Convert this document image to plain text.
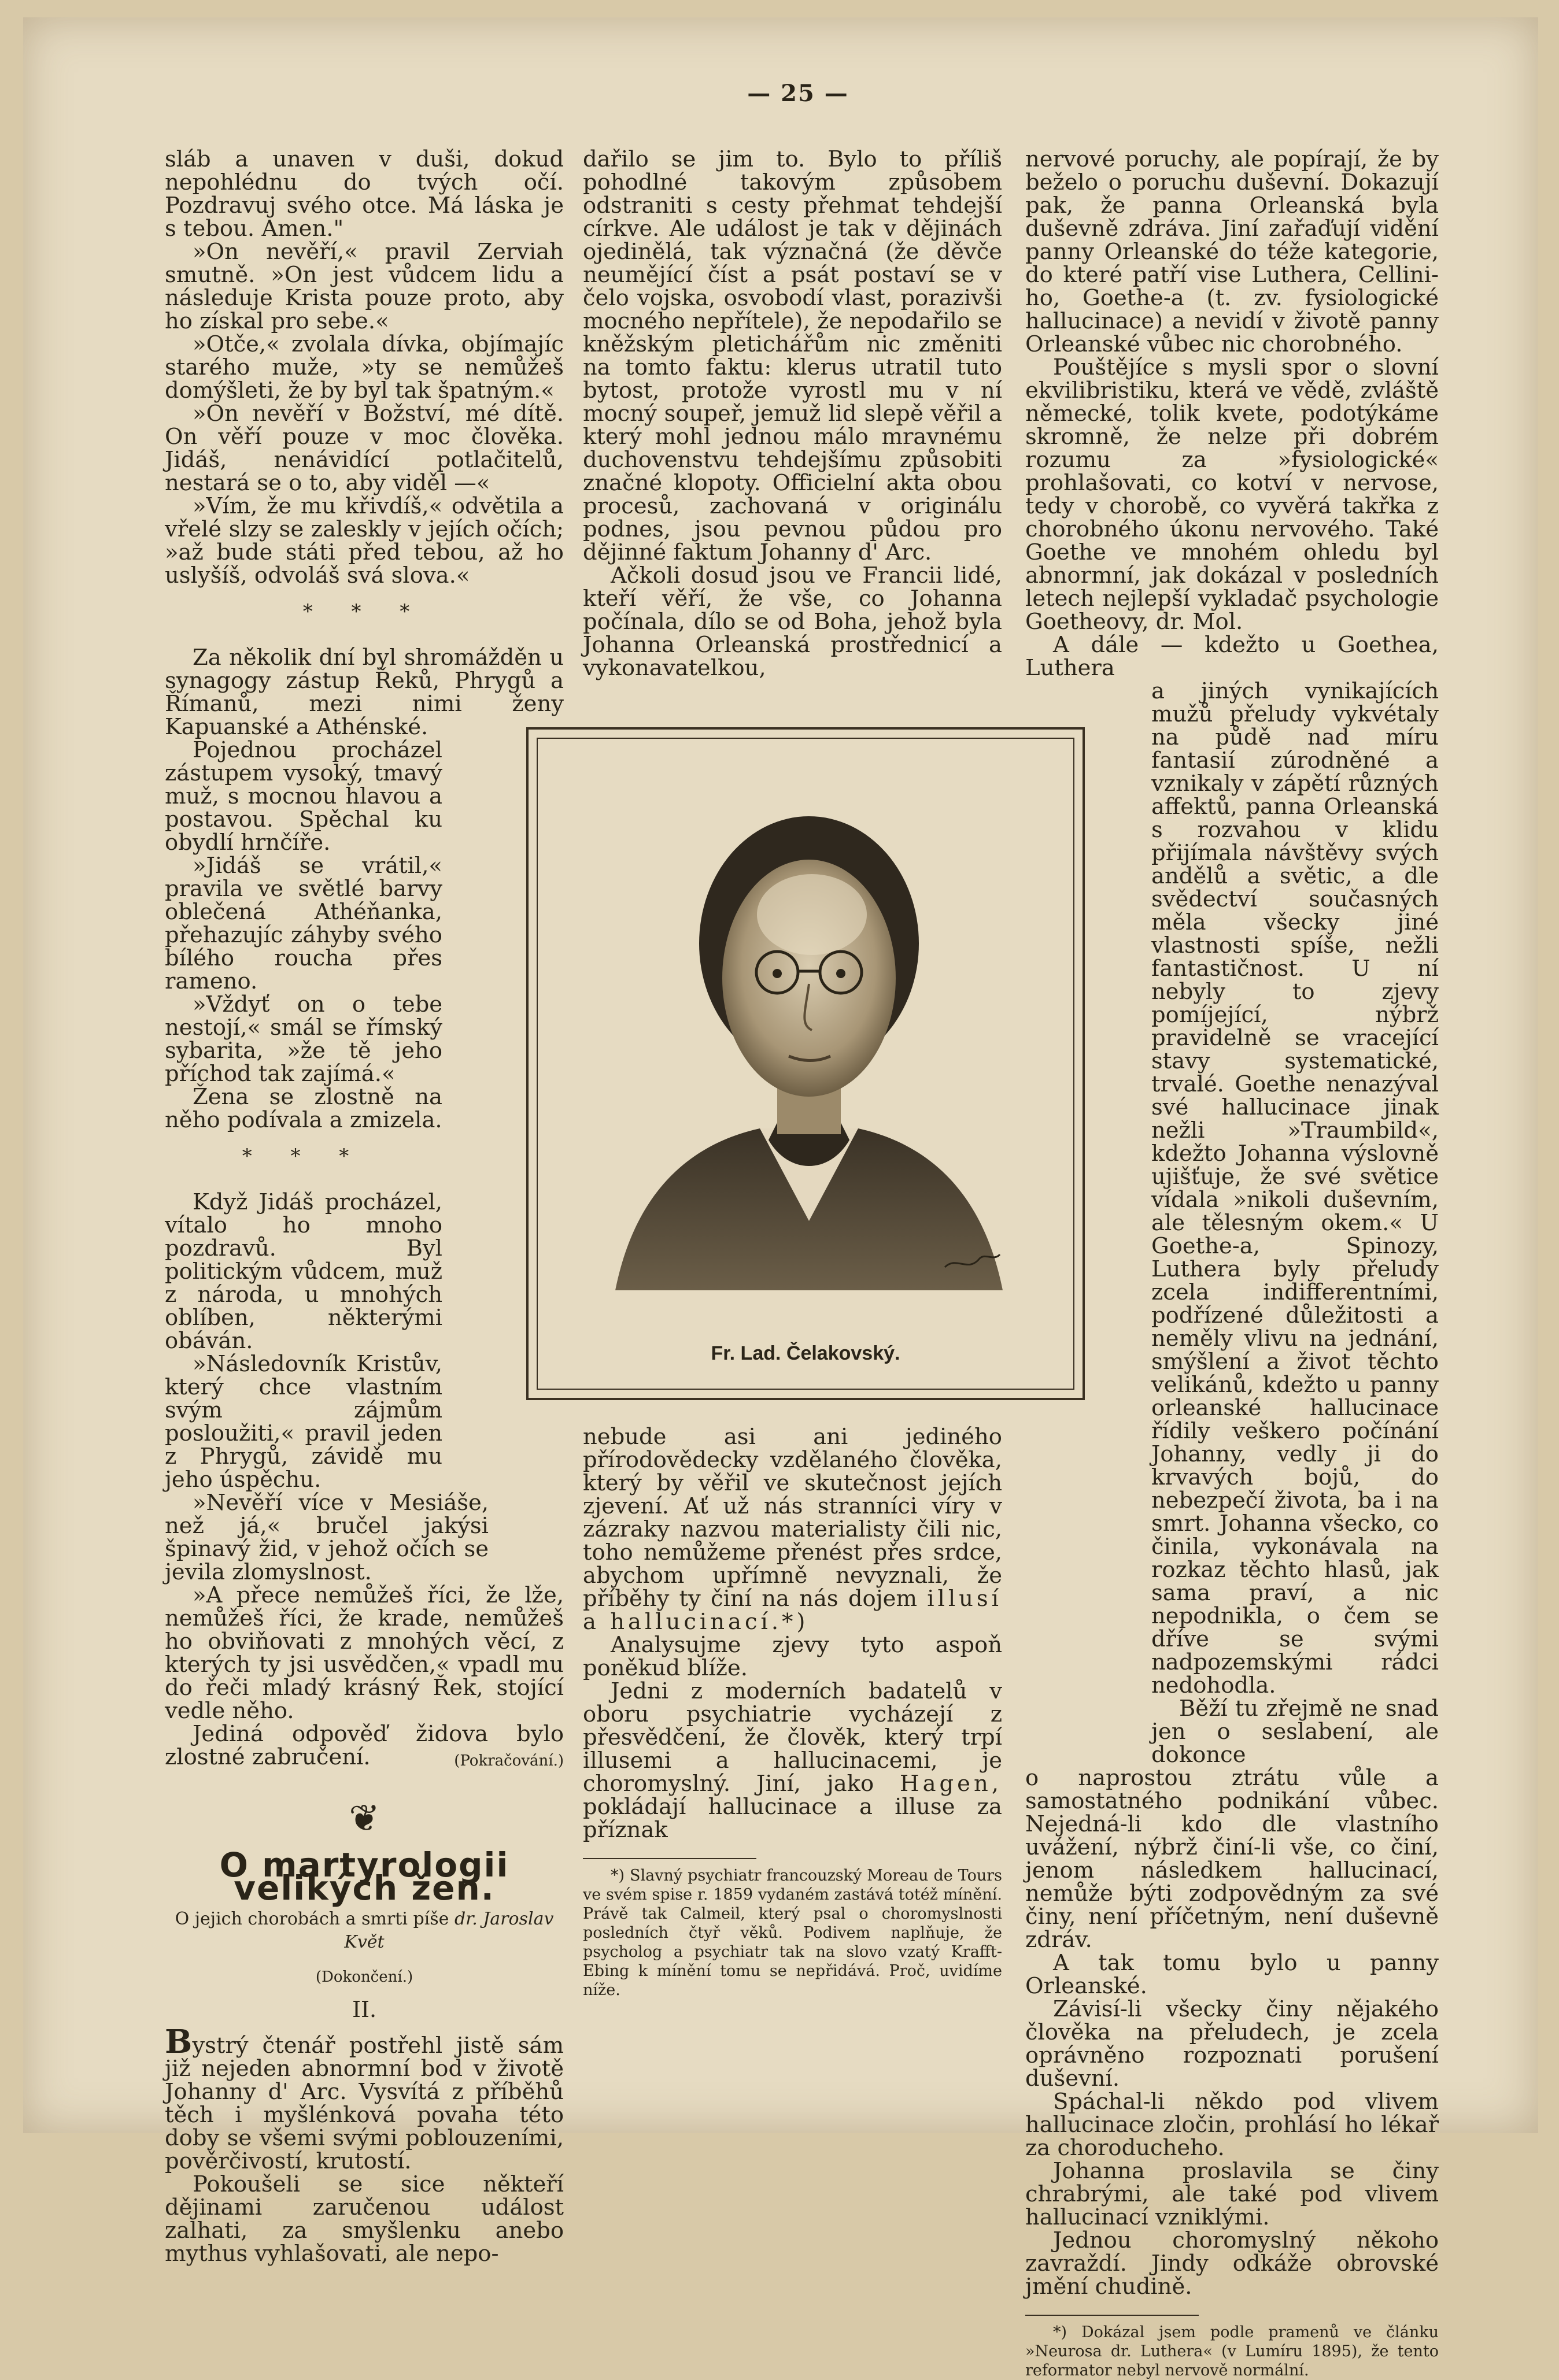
— 25 —

sláb a unaven v duši, dokud nepohlédnu do tvých očí. Pozdravuj svého otce. Má láska je s tebou. Amen."

»On nevěří,« pravil Zerviah smutně. »On jest vůdcem lidu a následuje Krista pouze proto, aby ho získal pro sebe.«

»Otče,« zvolala dívka, objímajíc starého muže, »ty se nemůžeš domýšleti, že by byl tak špatným.«

»On nevěří v Božství, mé dítě. On věří pouze v moc člověka. Jidáš, nenávidící potlačitelů, nestará se o to, aby viděl —«

»Vím, že mu křivdíš,« odvětila a vřelé slzy se zaleskly v jejích očích; »až bude státi před tebou, až ho uslyšíš, odvoláš svá slova.«

* * *

Za několik dní byl shromážděn u synagogy zástup Řeků, Phrygů a Římanů, mezi nimi ženy Kapuanské a Athénské.

Pojednou procházel zástupem vysoký, tmavý muž, s mocnou hlavou a postavou. Spěchal ku obydlí hrnčíře.

»Jidáš se vrátil,« pravila ve světlé barvy oblečená Athéňanka, přehazujíc záhyby svého bílého roucha přes rameno.

»Vždyť on o tebe nestojí,« smál se římský sybarita, »že tě jeho příchod tak zajímá.«

Žena se zlostně na něho podívala a zmizela.

* * *

Když Jidáš procházel, vítalo ho mnoho pozdravů. Byl politickým vůdcem, muž z národa, u mnohých oblíben, některými obáván.

»Následovník Kristův, který chce vlastním svým zájmům posloužiti,« pravil jeden z Phrygů, závidě mu jeho úspěchu.

»Nevěří více v Mesiáše, než já,« bručel jakýsi špinavý žid, v jehož očích se jevila zlomyslnost.

»A přece nemůžeš říci, že lže, nemůžeš říci, že krade, nemůžeš ho obviňovati z mnohých věcí, z kterých ty jsi usvědčen,« vpadl mu do řeči mladý krásný Řek, stojící vedle něho.

Jediná odpověď židova bylo zlostné zabručení.	(Pokračování.)
❦
O martyrologii velikých žen.
O jejich chorobách a smrti píše dr. Jaroslav Květ
(Dokončení.)
II.

Bystrý čtenář postřehl jistě sám již nejeden abnormní bod v životě Johanny d' Arc. Vysvítá z příběhů těch i myšlénková povaha této doby se všemi svými poblouzeními, pověrčivostí, krutostí.

Pokoušeli se sice někteří dějinami zaručenou událost zalhati, za smyšlenku anebo mythus vyhlašovati, ale nepo-

dařilo se jim to. Bylo to příliš pohodlné takovým způsobem odstraniti s cesty přehmat tehdejší církve. Ale událost je tak v dějinách ojedinělá, tak význačná (že děvče neumějící číst a psát postaví se v čelo vojska, osvobodí vlast, porazivši mocného nepřítele), že nepodařilo se kněžským pletichářům nic změniti na tomto faktu: klerus utratil tuto bytost, protože vyrostl mu v ní mocný soupeř, jemuž lid slepě věřil a který mohl jednou málo mravnému duchovenstvu tehdejšímu způsobiti značné klopoty. Officielní akta obou procesů, zachovaná v originálu podnes, jsou pevnou půdou pro dějinné faktum Johanny d' Arc.

Ačkoli dosud jsou ve Francii lidé, kteří věří, že vše, co Johanna počínala, dílo se od Boha, jehož byla Johanna Orleanská prostřednicí a vykonavatelkou,

Fr. Lad. Čelakovský.

nebude asi ani jediného přírodovědecky vzdělaného člověka, který by věřil ve skutečnost jejích zjevení. Ať už nás stranníci víry v zázraky nazvou materialisty čili nic, toho nemůžeme přenést přes srdce, abychom upřímně nevyznali, že příběhy ty činí na nás dojem illusí a hallucinací.*)

Analysujme zjevy tyto aspoň poněkud blíže.

Jedni z moderních badatelů v oboru psychiatrie vycházejí z přesvědčení, že člověk, který trpí illusemi a hallucinacemi, je choromyslný. Jiní, jako Hagen, pokládají hallucinace a illuse za příznak

*) Slavný psychiatr francouzský Moreau de Tours ve svém spise r. 1859 vydaném zastává totéž mínění. Právě tak Calmeil, který psal o choromyslnosti posledních čtyř věků. Podivem naplňuje, že psycholog a psychiatr tak na slovo vzatý Krafft-Ebing k mínění tomu se nepřidává. Proč, uvidíme níže.

nervové poruchy, ale popírají, že by beželo o poruchu duševní. Dokazují pak, že panna Orleanská byla duševně zdráva. Jiní zařaďují vidění panny Orleanské do téže kategorie, do které patří vise Luthera, Cellini-ho, Goethe-a (t. zv. fysiologické hallucinace) a nevidí v životě panny Orleanské vůbec nic chorobného.

Pouštějíce s mysli spor o slovní ekvilibristiku, která ve vědě, zvláště německé, tolik kvete, podotýkáme skromně, že nelze při dobrém rozumu za »fysiologické« prohlašovati, co kotví v nervose, tedy v chorobě, co vyvěrá takřka z chorobného úkonu nervového. Také Goethe ve mnohém ohledu byl abnormní, jak dokázal v posledních letech nejlepší vykladač psychologie Goetheovy, dr. Mol.

A dále — kdežto u Goethea, Luthera

a jiných vynikajících mužů přeludy vykvétaly na půdě nad míru fantasií zúrodněné a vznikaly v zápětí různých affektů, panna Orleanská s rozvahou v klidu přijímala návštěvy svých andělů a světic, a dle svědectví současných měla všecky jiné vlastnosti spíše, nežli fantastičnost. U ní nebyly to zjevy pomíjející, nýbrž pravidelně se vracející stavy systematické, trvalé. Goethe nenazýval své hallucinace jinak nežli »Traumbild«, kdežto Johanna výslovně ujišťuje, že své světice vídala »nikoli duševním, ale tělesným okem.« U Goethe-a, Spinozy, Luthera byly přeludy zcela indifferentními, podřízené důležitosti a neměly vlivu na jednání, smýšlení a život těchto velikánů, kdežto u panny orleanské hallucinace řídily veškero počínání Johanny, vedly ji do krvavých bojů, do nebezpečí života, ba i na smrt. Johanna všecko, co činila, vykonávala na rozkaz těchto hlasů, jak sama praví, a nic nepodnikla, o čem se dříve se svými nadpozemskými rádci nedohodla.

Běží tu zřejmě ne snad jen o seslabení, ale dokonce

o naprostou ztrátu vůle a samostatného podnikání vůbec. Nejedná-li kdo dle vlastního uvážení, nýbrž činí-li vše, co činí, jenom následkem hallucinací, nemůže býti zodpovědným za své činy, není příčetným, není duševně zdráv.

A tak tomu bylo u panny Orleanské.

Závisí-li všecky činy nějakého člověka na přeludech, je zcela oprávněno rozpoznati porušení duševní.

Spáchal-li někdo pod vlivem hallucinace zločin, prohlásí ho lékař za choroducheho.

Johanna proslavila se činy chrabrými, ale také pod vlivem hallucinací vzniklými.

Jednou choromyslný někoho zavraždí. Jindy odkáže obrovské jmění chudině.

*) Dokázal jsem podle pramenů ve článku »Neurosa dr. Luthera« (v Lumíru 1895), že tento reformator nebyl nervově normální.
